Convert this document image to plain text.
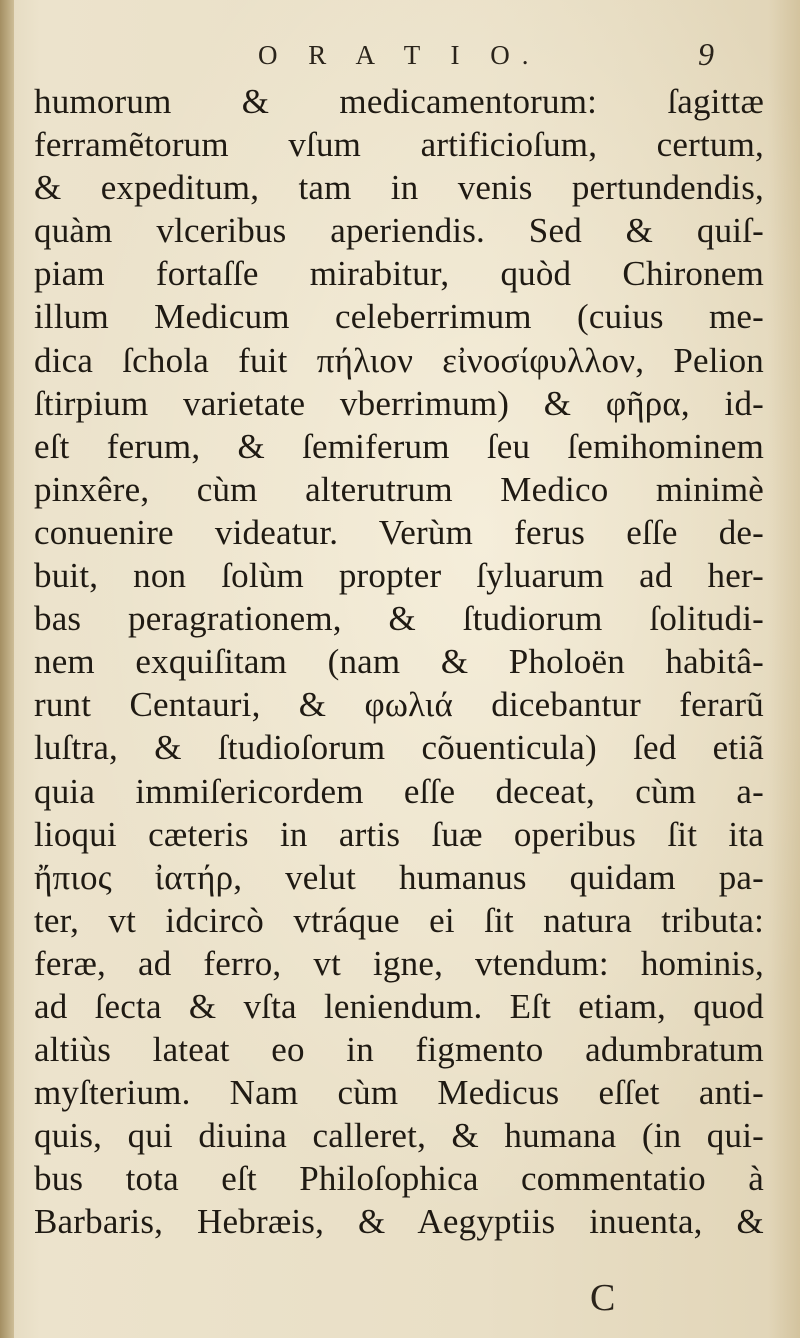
O R A T I O.	9
humorum & medicamentorum: ſagittæ
ferramẽtorum vſum artificioſum, certum,
& expeditum, tam in venis pertundendis,
quàm vlceribus aperiendis. Sed & quiſ-
piam fortaſſe mirabitur, quòd Chironem
illum Medicum celeberrimum (cuius me-
dica ſchola fuit πήλιον εἰνοσίφυλλον, Pelion
ſtirpium varietate vberrimum) & φῆρα, id-
eſt ferum, & ſemiferum ſeu ſemihominem
pinxêre, cùm alterutrum Medico minimè
conuenire videatur. Verùm ferus eſſe de-
buit, non ſolùm propter ſyluarum ad her-
bas peragrationem, & ſtudiorum ſolitudi-
nem exquiſitam (nam & Pholoën habitâ-
runt Centauri, & φωλιά dicebantur ferarũ
luſtra, & ſtudioſorum cõuenticula) ſed etiã
quia immiſericordem eſſe deceat, cùm a-
lioqui cæteris in artis ſuæ operibus ſit ita
ἤπιος ἰατήρ, velut humanus quidam pa-
ter, vt idcircò vtráque ei ſit natura tributa:
feræ, ad ferro, vt igne, vtendum: hominis,
ad ſecta & vſta leniendum. Eſt etiam, quod
altiùs lateat eo in figmento adumbratum
myſterium. Nam cùm Medicus eſſet anti-
quis, qui diuina calleret, & humana (in qui-
bus tota eſt Philoſophica commentatio à
Barbaris, Hebræis, & Aegyptiis inuenta, &
C
